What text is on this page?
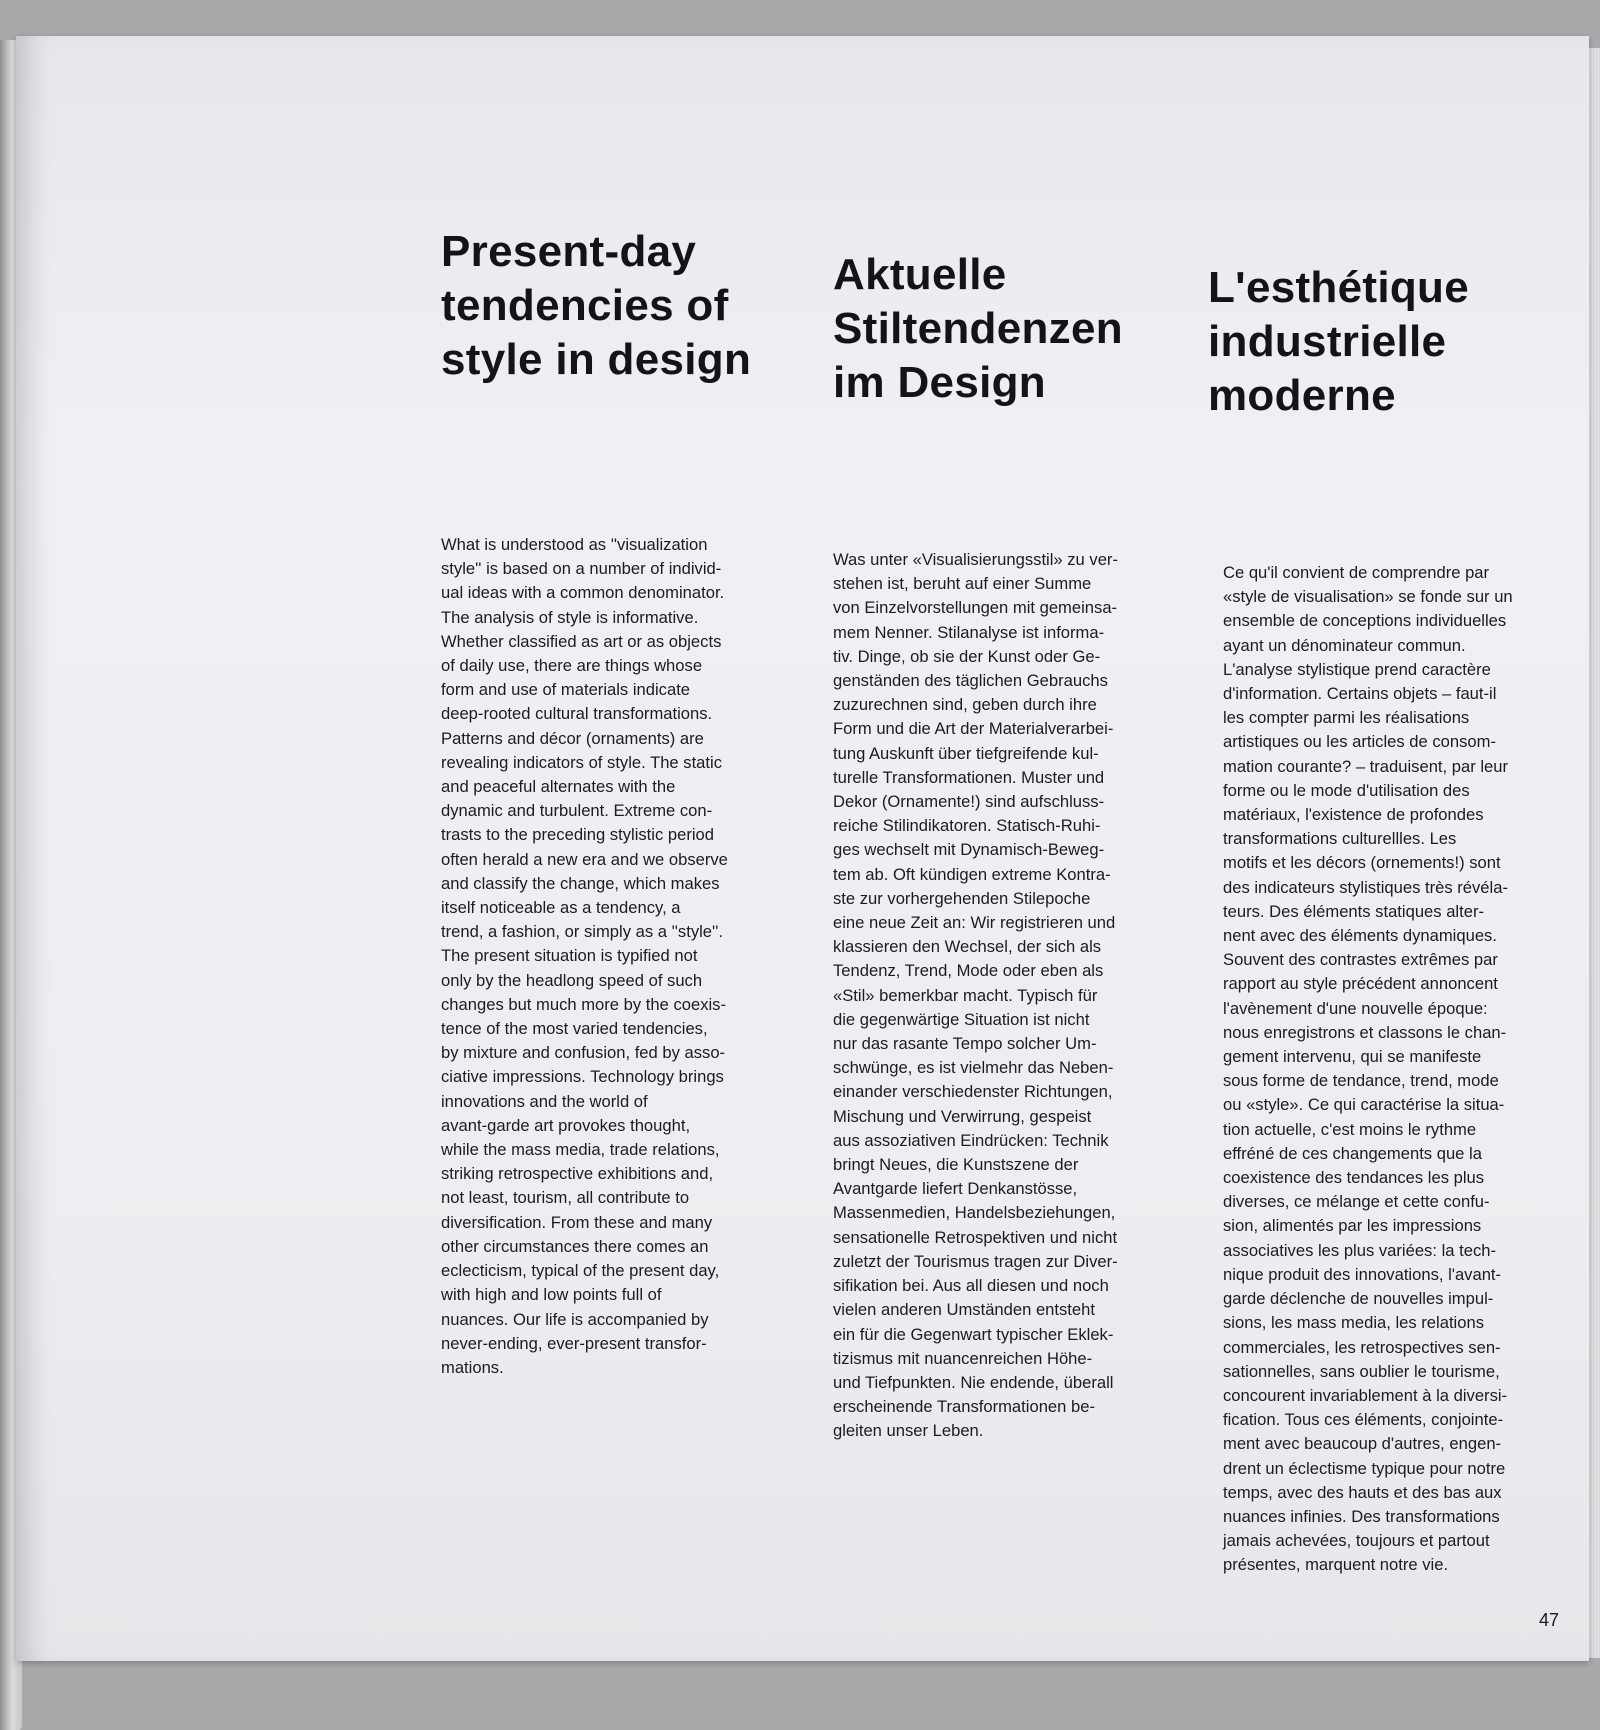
Present-day
tendencies of
style in design

What is understood as ''visualization
style'' is based on a number of individ-
ual ideas with a common denominator.
The analysis of style is informative.
Whether classified as art or as objects
of daily use, there are things whose
form and use of materials indicate
deep-rooted cultural transformations.
Patterns and décor (ornaments) are
revealing indicators of style. The static
and peaceful alternates with the
dynamic and turbulent. Extreme con-
trasts to the preceding stylistic period
often herald a new era and we observe
and classify the change, which makes
itself noticeable as a tendency, a
trend, a fashion, or simply as a ''style''.
The present situation is typified not
only by the headlong speed of such
changes but much more by the coexis-
tence of the most varied tendencies,
by mixture and confusion, fed by asso-
ciative impressions. Technology brings
innovations and the world of
avant-garde art provokes thought,
while the mass media, trade relations,
striking retrospective exhibitions and,
not least, tourism, all contribute to
diversification. From these and many
other circumstances there comes an
eclecticism, typical of the present day,
with high and low points full of
nuances. Our life is accompanied by
never-ending, ever-present transfor-
mations.

Aktuelle
Stiltendenzen
im Design

Was unter «Visualisierungsstil» zu ver-
stehen ist, beruht auf einer Summe
von Einzelvorstellungen mit gemeinsa-
mem Nenner. Stilanalyse ist informa-
tiv. Dinge, ob sie der Kunst oder Ge-
genständen des täglichen Gebrauchs
zuzurechnen sind, geben durch ihre
Form und die Art der Materialverarbei-
tung Auskunft über tiefgreifende kul-
turelle Transformationen. Muster und
Dekor (Ornamente!) sind aufschluss-
reiche Stilindikatoren. Statisch-Ruhi-
ges wechselt mit Dynamisch-Beweg-
tem ab. Oft kündigen extreme Kontra-
ste zur vorhergehenden Stilepoche
eine neue Zeit an: Wir registrieren und
klassieren den Wechsel, der sich als
Tendenz, Trend, Mode oder eben als
«Stil» bemerkbar macht. Typisch für
die gegenwärtige Situation ist nicht
nur das rasante Tempo solcher Um-
schwünge, es ist vielmehr das Neben-
einander verschiedenster Richtungen,
Mischung und Verwirrung, gespeist
aus assoziativen Eindrücken: Technik
bringt Neues, die Kunstszene der
Avantgarde liefert Denkanstösse,
Massenmedien, Handelsbeziehungen,
sensationelle Retrospektiven und nicht
zuletzt der Tourismus tragen zur Diver-
sifikation bei. Aus all diesen und noch
vielen anderen Umständen entsteht
ein für die Gegenwart typischer Eklek-
tizismus mit nuancenreichen Höhe-
und Tiefpunkten. Nie endende, überall
erscheinende Transformationen be-
gleiten unser Leben.

L'esthétique
industrielle
moderne

Ce qu'il convient de comprendre par
«style de visualisation» se fonde sur un
ensemble de conceptions individuelles
ayant un dénominateur commun.
L'analyse stylistique prend caractère
d'information. Certains objets – faut-il
les compter parmi les réalisations
artistiques ou les articles de consom-
mation courante? – traduisent, par leur
forme ou le mode d'utilisation des
matériaux, l'existence de profondes
transformations culturellles. Les
motifs et les décors (ornements!) sont
des indicateurs stylistiques très révéla-
teurs. Des éléments statiques alter-
nent avec des éléments dynamiques.
Souvent des contrastes extrêmes par
rapport au style précédent annoncent
l'avènement d'une nouvelle époque:
nous enregistrons et classons le chan-
gement intervenu, qui se manifeste
sous forme de tendance, trend, mode
ou «style». Ce qui caractérise la situa-
tion actuelle, c'est moins le rythme
effréné de ces changements que la
coexistence des tendances les plus
diverses, ce mélange et cette confu-
sion, alimentés par les impressions
associatives les plus variées: la tech-
nique produit des innovations, l'avant-
garde déclenche de nouvelles impul-
sions, les mass media, les relations
commerciales, les retrospectives sen-
sationnelles, sans oublier le tourisme,
concourent invariablement à la diversi-
fication. Tous ces éléments, conjointe-
ment avec beaucoup d'autres, engen-
drent un éclectisme typique pour notre
temps, avec des hauts et des bas aux
nuances infinies. Des transformations
jamais achevées, toujours et partout
présentes, marquent notre vie.

47
